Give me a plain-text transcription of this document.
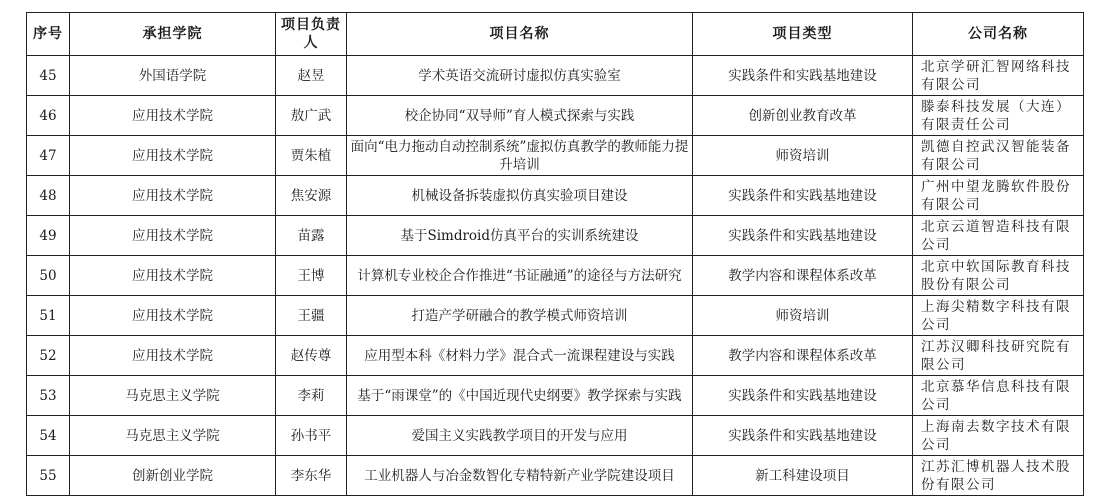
序号	承担学院	项目负责人	项目名称	项目类型	公司名称
45	外国语学院	赵昱	学术英语交流研讨虚拟仿真实验室	实践条件和实践基地建设	北京学研汇智网络科技有限公司
46	应用技术学院	敖广武	校企协同“双导师”育人模式探索与实践	创新创业教育改革	滕泰科技发展（大连）有限责任公司
47	应用技术学院	贾朱植	面向“电力拖动自动控制系统”虚拟仿真教学的教师能力提升培训	师资培训	凯德自控武汉智能装备有限公司
48	应用技术学院	焦安源	机械设备拆装虚拟仿真实验项目建设	实践条件和实践基地建设	广州中望龙腾软件股份有限公司
49	应用技术学院	苗露	基于Simdroid仿真平台的实训系统建设	实践条件和实践基地建设	北京云道智造科技有限公司
50	应用技术学院	王博	计算机专业校企合作推进“书证融通”的途径与方法研究	教学内容和课程体系改革	北京中软国际教育科技股份有限公司
51	应用技术学院	王疆	打造产学研融合的教学模式师资培训	师资培训	上海尖精数字科技有限公司
52	应用技术学院	赵传尊	应用型本科《材料力学》混合式一流课程建设与实践	教学内容和课程体系改革	江苏汉卿科技研究院有限公司
53	马克思主义学院	李莉	基于“雨课堂”的《中国近现代史纲要》教学探索与实践	实践条件和实践基地建设	北京慕华信息科技有限公司
54	马克思主义学院	孙书平	爱国主义实践教学项目的开发与应用	实践条件和实践基地建设	上海南去数字技术有限公司
55	创新创业学院	李东华	工业机器人与冶金数智化专精特新产业学院建设项目	新工科建设项目	江苏汇博机器人技术股份有限公司
